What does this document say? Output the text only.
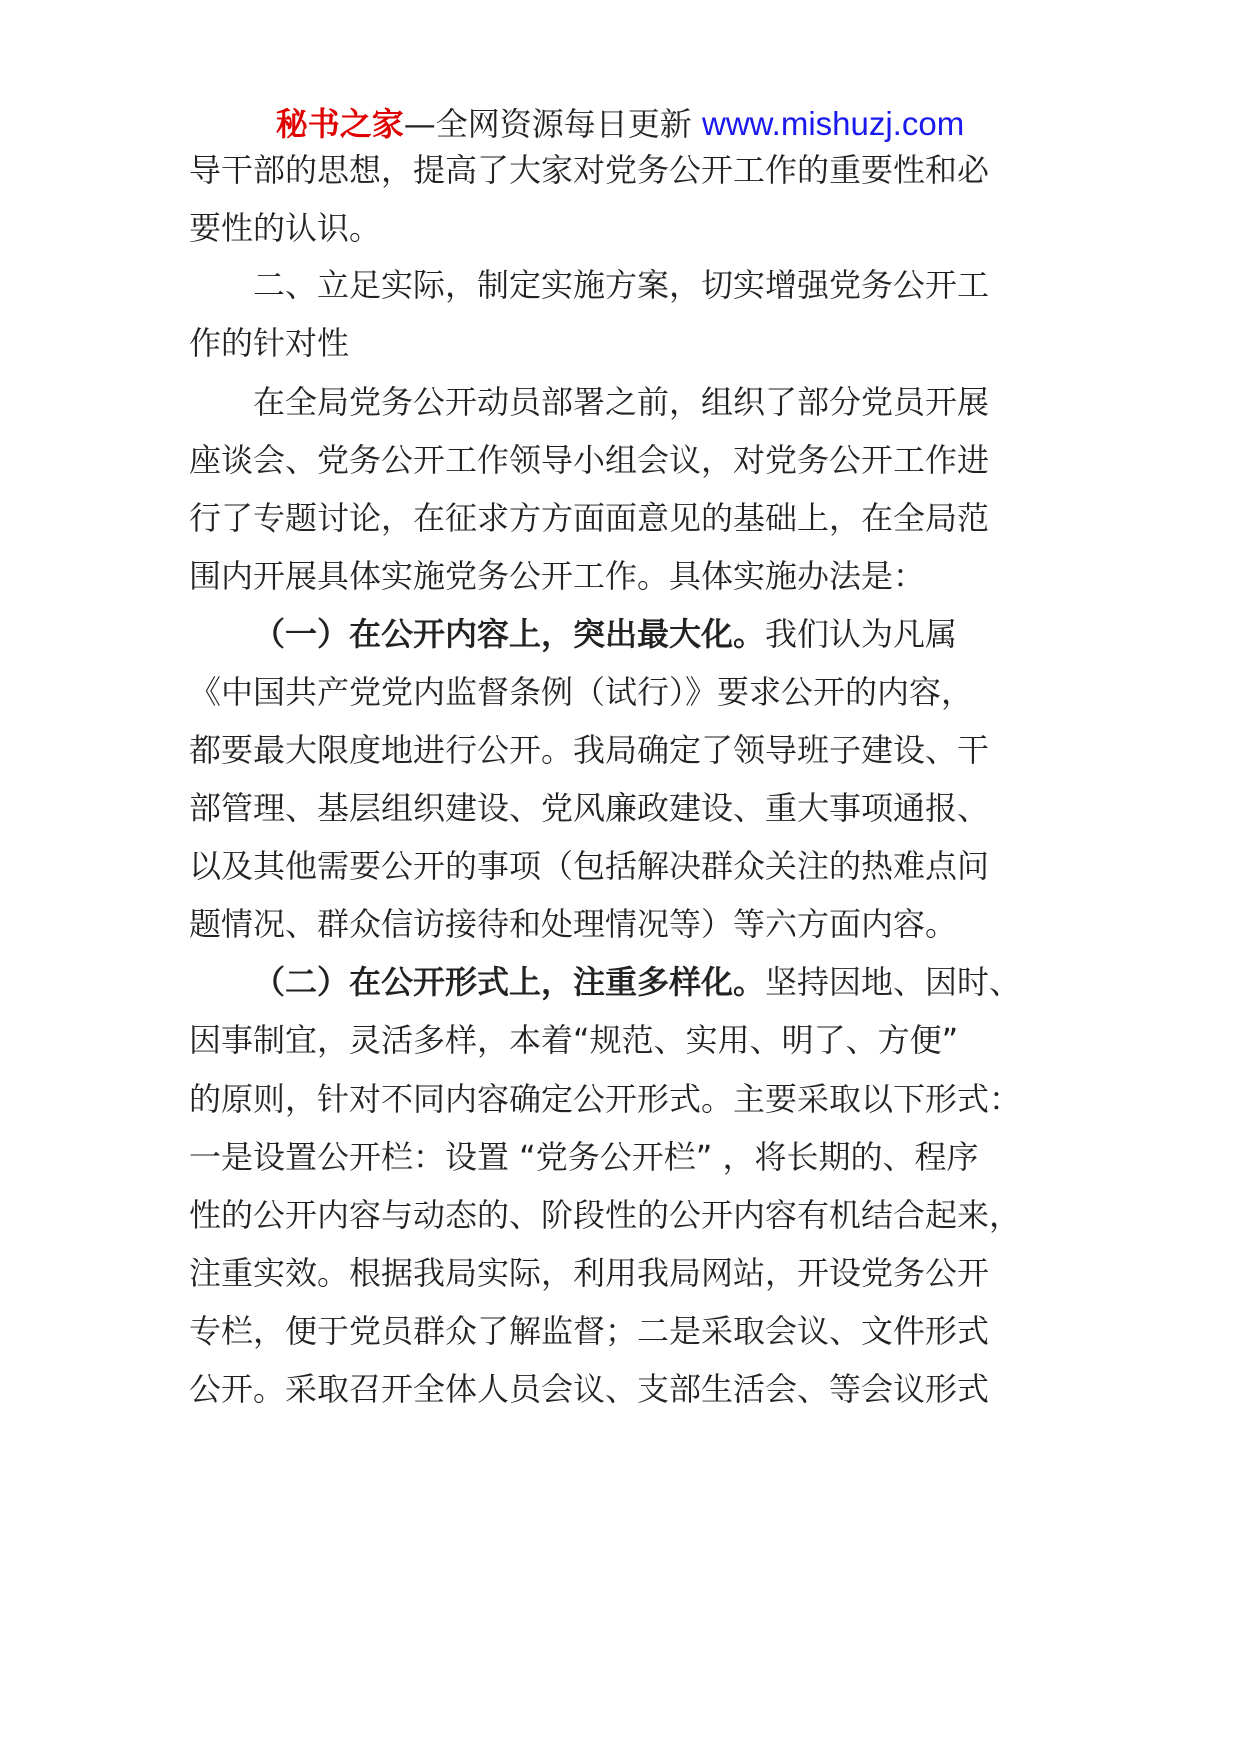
秘书之家—全网资源每日更新 www.mishuzj.com
导干部的思想，提高了大家对党务公开工作的重要性和必
要性的认识。
二、立足实际，制定实施方案，切实增强党务公开工
作的针对性
在全局党务公开动员部署之前，组织了部分党员开展
座谈会、党务公开工作领导小组会议，对党务公开工作进
行了专题讨论，在征求方方面面意见的基础上，在全局范
围内开展具体实施党务公开工作。具体实施办法是：
（一）在公开内容上，突出最大化。我们认为凡属
《中国共产党党内监督条例（试行）》要求公开的内容，
都要最大限度地进行公开。我局确定了领导班子建设、干
部管理、基层组织建设、党风廉政建设、重大事项通报、
以及其他需要公开的事项（包括解决群众关注的热难点问
题情况、群众信访接待和处理情况等）等六方面内容。
（二）在公开形式上，注重多样化。坚持因地、因时、
因事制宜，灵活多样，本着“规范、实用、明了、方便”
的原则，针对不同内容确定公开形式。主要采取以下形式：
一是设置公开栏：设置 “党务公开栏” ，将长期的、程序
性的公开内容与动态的、阶段性的公开内容有机结合起来，
注重实效。根据我局实际，利用我局网站，开设党务公开
专栏，便于党员群众了解监督；二是采取会议、文件形式
公开。采取召开全体人员会议、支部生活会、等会议形式
